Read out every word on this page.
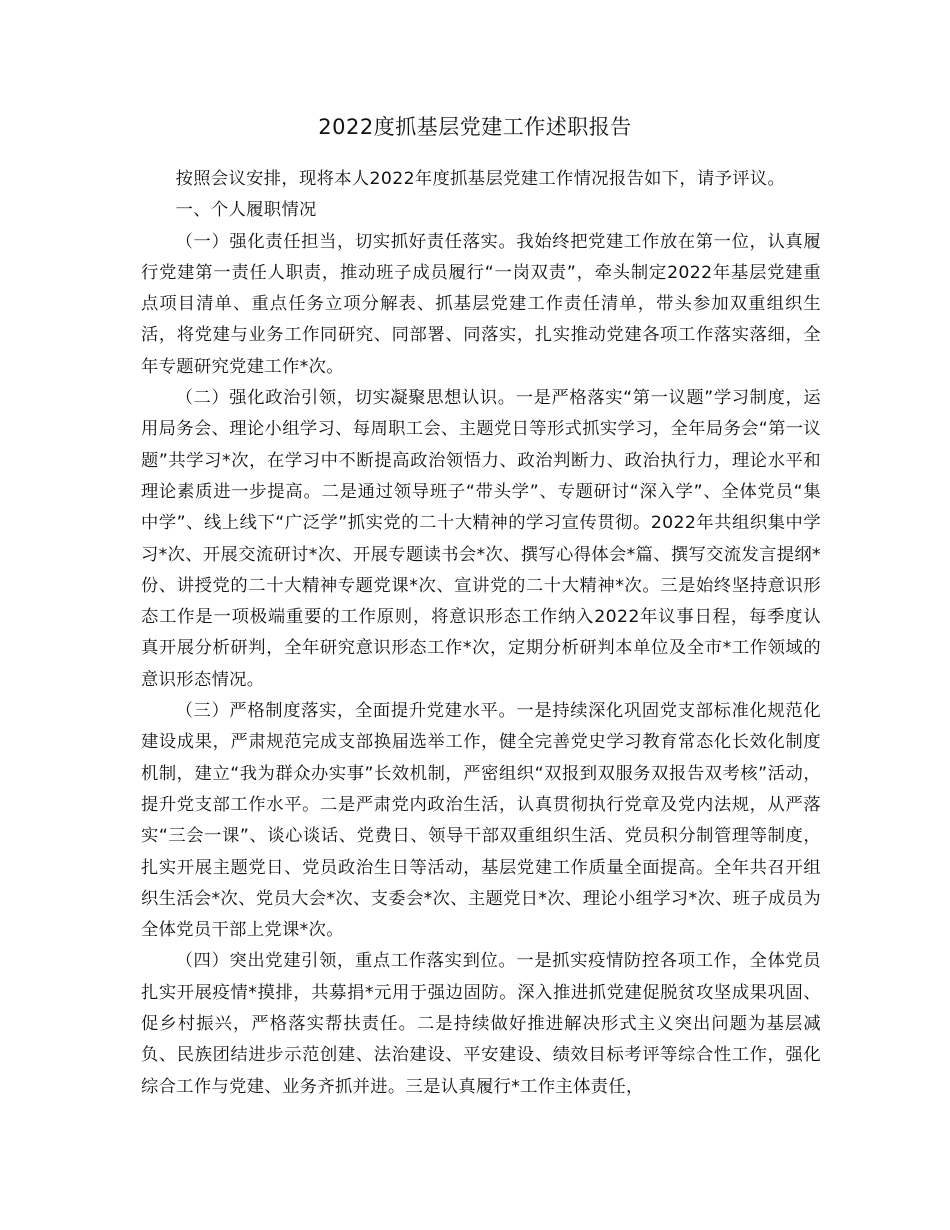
2022度抓基层党建工作述职报告

按照会议安排，现将本人2022年度抓基层党建工作情况报告如下，请予评议。

一、个人履职情况

（一）强化责任担当，切实抓好责任落实。我始终把党建工作放在第一位，认真履行党建第一责任人职责，推动班子成员履行“一岗双责”，牵头制定2022年基层党建重点项目清单、重点任务立项分解表、抓基层党建工作责任清单，带头参加双重组织生活，将党建与业务工作同研究、同部署、同落实，扎实推动党建各项工作落实落细，全年专题研究党建工作*次。

（二）强化政治引领，切实凝聚思想认识。一是严格落实“第一议题”学习制度，运用局务会、理论小组学习、每周职工会、主题党日等形式抓实学习，全年局务会“第一议题”共学习*次，在学习中不断提高政治领悟力、政治判断力、政治执行力，理论水平和理论素质进一步提高。二是通过领导班子“带头学”、专题研讨“深入学”、全体党员“集中学”、线上线下“广泛学”抓实党的二十大精神的学习宣传贯彻。2022年共组织集中学习*次、开展交流研讨*次、开展专题读书会*次、撰写心得体会*篇、撰写交流发言提纲*份、讲授党的二十大精神专题党课*次、宣讲党的二十大精神*次。三是始终坚持意识形态工作是一项极端重要的工作原则，将意识形态工作纳入2022年议事日程，每季度认真开展分析研判，全年研究意识形态工作*次，定期分析研判本单位及全市*工作领域的意识形态情况。

（三）严格制度落实，全面提升党建水平。一是持续深化巩固党支部标准化规范化建设成果，严肃规范完成支部换届选举工作，健全完善党史学习教育常态化长效化制度机制，建立“我为群众办实事”长效机制，严密组织“双报到双服务双报告双考核”活动，提升党支部工作水平。二是严肃党内政治生活，认真贯彻执行党章及党内法规，从严落实“三会一课”、谈心谈话、党费日、领导干部双重组织生活、党员积分制管理等制度，扎实开展主题党日、党员政治生日等活动，基层党建工作质量全面提高。全年共召开组织生活会*次、党员大会*次、支委会*次、主题党日*次、理论小组学习*次、班子成员为全体党员干部上党课*次。

（四）突出党建引领，重点工作落实到位。一是抓实疫情防控各项工作，全体党员扎实开展疫情*摸排，共募捐*元用于强边固防。深入推进抓党建促脱贫攻坚成果巩固、促乡村振兴，严格落实帮扶责任。二是持续做好推进解决形式主义突出问题为基层减负、民族团结进步示范创建、法治建设、平安建设、绩效目标考评等综合性工作，强化综合工作与党建、业务齐抓并进。三是认真履行*工作主体责任，
